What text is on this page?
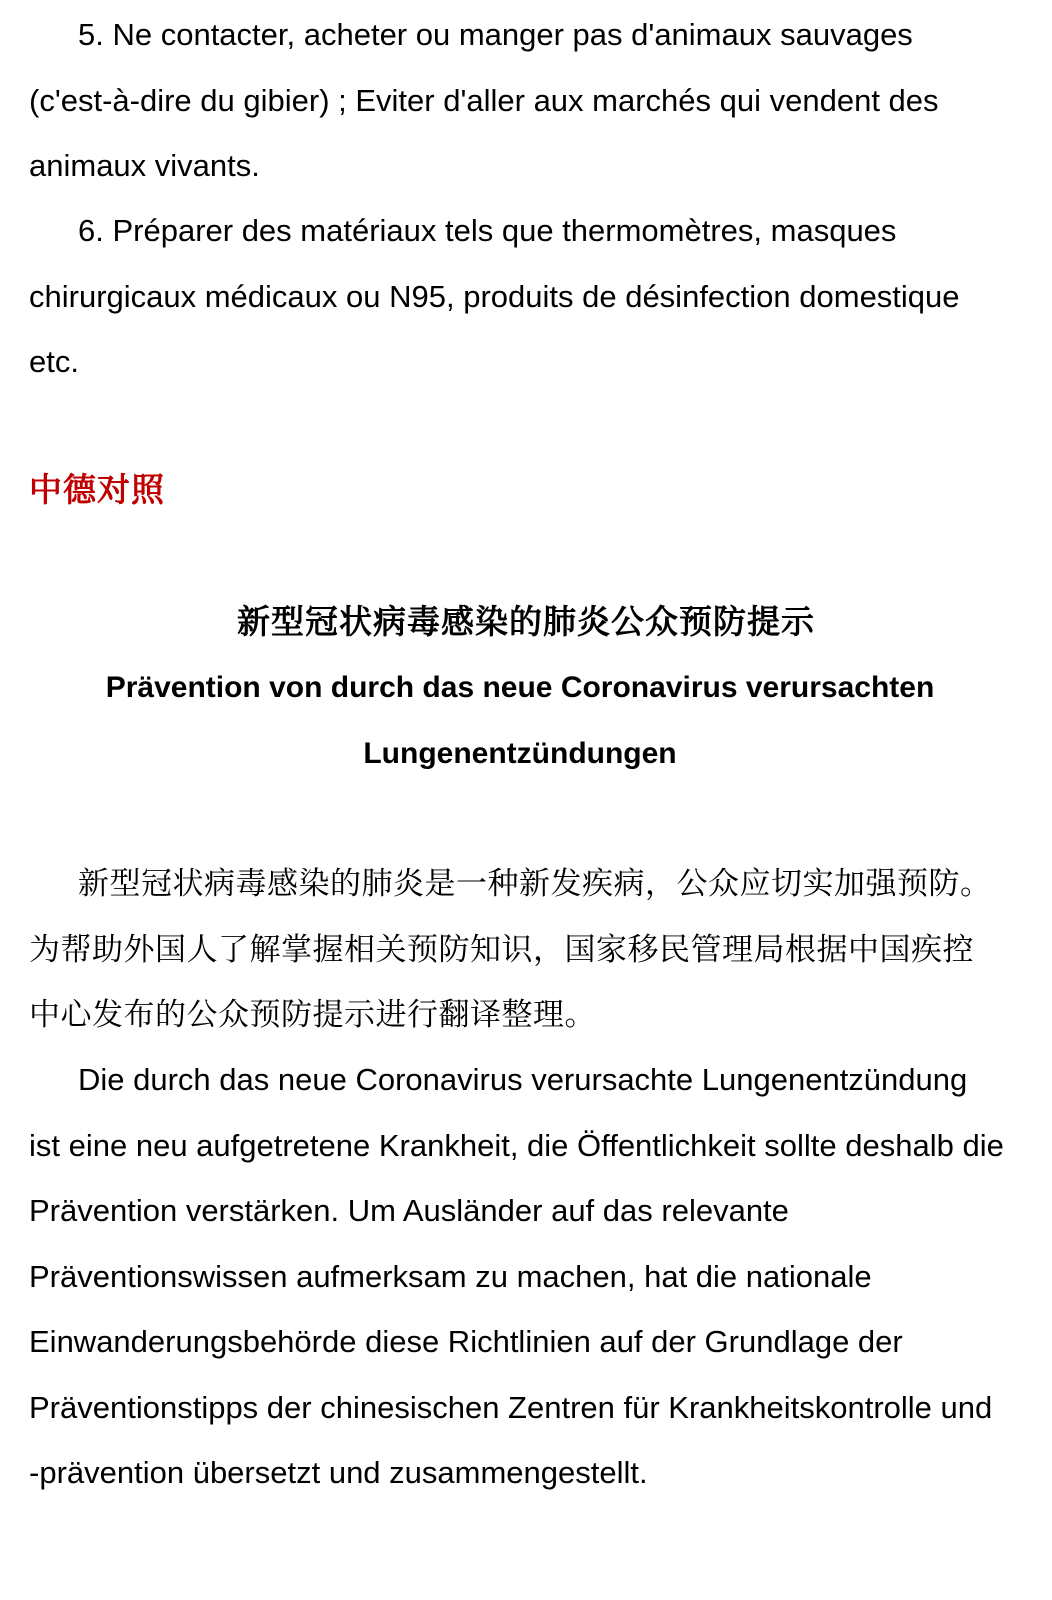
5. Ne contacter, acheter ou manger pas d'animaux sauvages (c'est-à-dire du gibier) ; Eviter d'aller aux marchés qui vendent des animaux vivants.

6. Préparer des matériaux tels que thermomètres, masques chirurgicaux médicaux ou N95, produits de désinfection domestique etc.

中德对照
新型冠状病毒感染的肺炎公众预防提示
Prävention von durch das neue Coronavirus verursachten Lungenentzündungen

新型冠状病毒感染的肺炎是一种新发疾病，公众应切实加强预防。为帮助外国人了解掌握相关预防知识，国家移民管理局根据中国疾控中心发布的公众预防提示进行翻译整理。

Die durch das neue Coronavirus verursachte Lungenentzündung ist eine neu aufgetretene Krankheit, die Öffentlichkeit sollte deshalb die Prävention verstärken. Um Ausländer auf das relevante Präventionswissen aufmerksam zu machen, hat die nationale Einwanderungsbehörde diese Richtlinien auf der Grundlage der Präventionstipps der chinesischen Zentren für Krankheitskontrolle und -prävention übersetzt und zusammengestellt.
